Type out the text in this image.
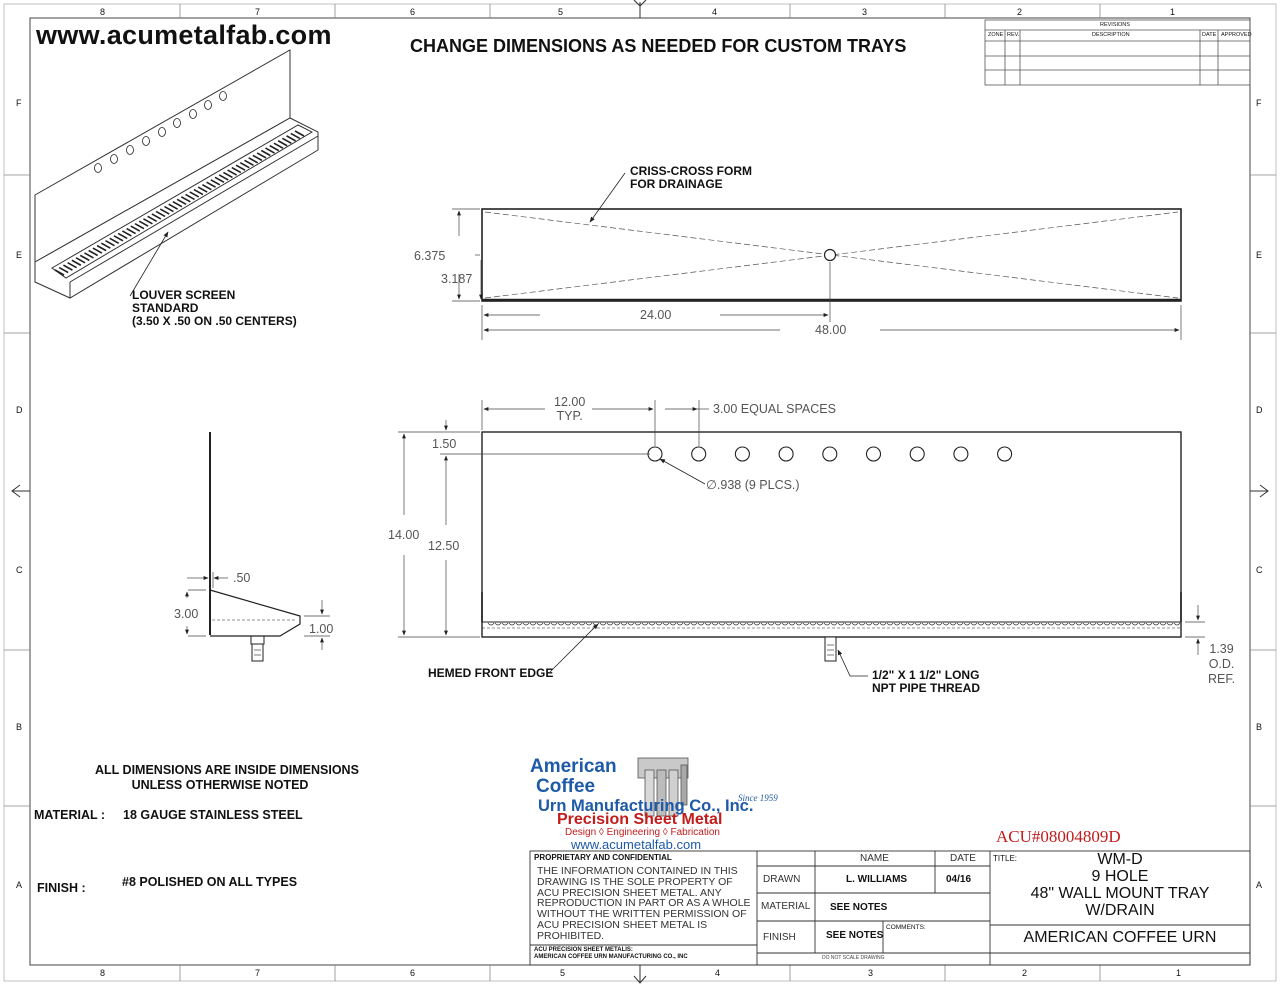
www.acumetalfab.com	CHANGE DIMENSIONS AS NEEDED FOR CUSTOM TRAYS
8	7	6	5	4	3	2	1
8	7	6	5	4	3	2	1
F
E
D
C
B
A
F
E
D
C
B
A
REVISIONS
ZONE REV.	DESCRIPTION	DATE APPROVED
LOUVER SCREEN
STANDARD
(3.50 X .50 ON .50 CENTERS)
CRISS-CROSS FORM
FOR DRAINAGE
6.375
3.187
24.00
48.00
12.00
TYP.	3.00 EQUAL SPACES
1.50
∅.938 (9 PLCS.)
14.00
12.50
1.39
O.D.
REF.
HEMED FRONT EDGE	1/2" X 1 1/2" LONG
NPT PIPE THREAD
.50
3.00
1.00
ALL DIMENSIONS ARE INSIDE DIMENSIONS
UNLESS OTHERWISE NOTED
MATERIAL : 18 GAUGE STAINLESS STEEL
FINISH :	#8 POLISHED ON ALL TYPES
American
Coffee
Urn Manufacturing Co., Inc.
Since 1959
Precision Sheet Metal
Design ◊ Engineering ◊ Fabrication
www.acumetalfab.com	ACU#08004809D
PROPRIETARY AND CONFIDENTIAL
THE INFORMATION CONTAINED IN THIS
DRAWING IS THE SOLE PROPERTY OF
ACU PRECISION SHEET METAL. ANY
REPRODUCTION IN PART OR AS A WHOLE
WITHOUT THE WRITTEN PERMISSION OF
ACU PRECISION SHEET METAL IS
PROHIBITED.
ACU PRECISION SHEET METALIS:
AMERICAN COFFEE URN MANUFACTURING CO., INC
NAME	DATE
DRAWN	L. WILLIAMS	04/16
MATERIAL SEE NOTES
FINISH	SEE NOTES
COMMENTS:
DO NOT SCALE DRAWING
TITLE:	WM-D
9 HOLE
48" WALL MOUNT TRAY
W/DRAIN
AMERICAN COFFEE URN
